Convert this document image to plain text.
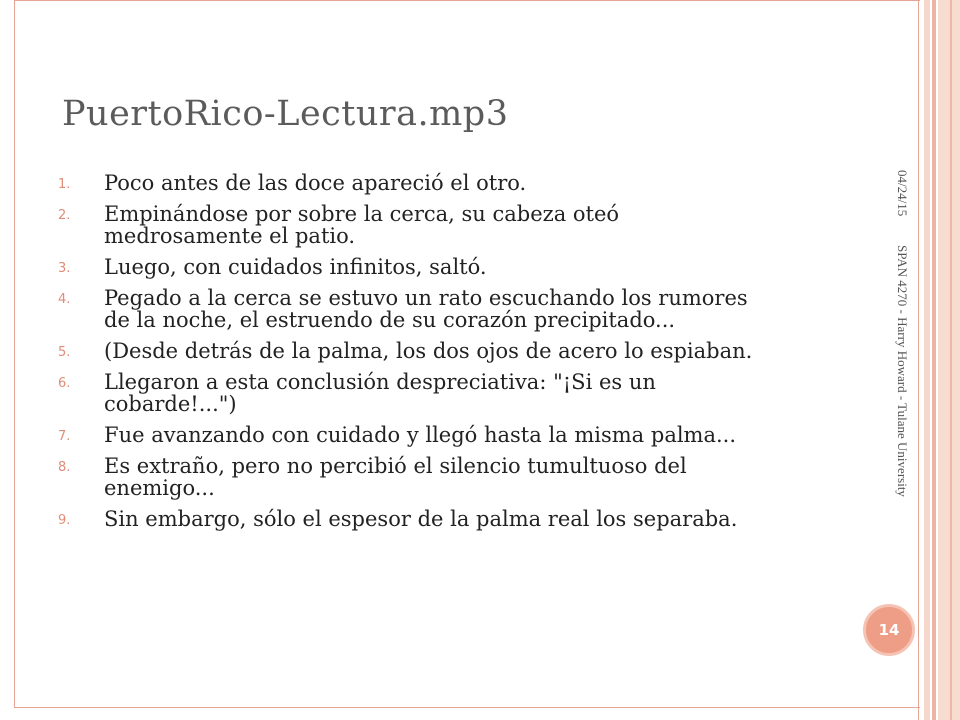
PuertoRico-Lectura.mp3
1.	Poco antes de las doce apareció el otro.
2.	Empinándose por sobre la cerca, su cabeza oteó medrosamente el patio.
3.	Luego, con cuidados infinitos, saltó.
4.	Pegado a la cerca se estuvo un rato escuchando los rumores de la noche, el estruendo de su corazón precipitado...
5.	(Desde detrás de la palma, los dos ojos de acero lo espiaban.
6.	Llegaron a esta conclusión despreciativa: "¡Si es un cobarde!...")
7.	Fue avanzando con cuidado y llegó hasta la misma palma...
8.	Es extraño, pero no percibió el silencio tumultuoso del enemigo...
9.	Sin embargo, sólo el espesor de la palma real los separaba.
04/24/15
SPAN 4270 - Harry Howard - Tulane University
14
